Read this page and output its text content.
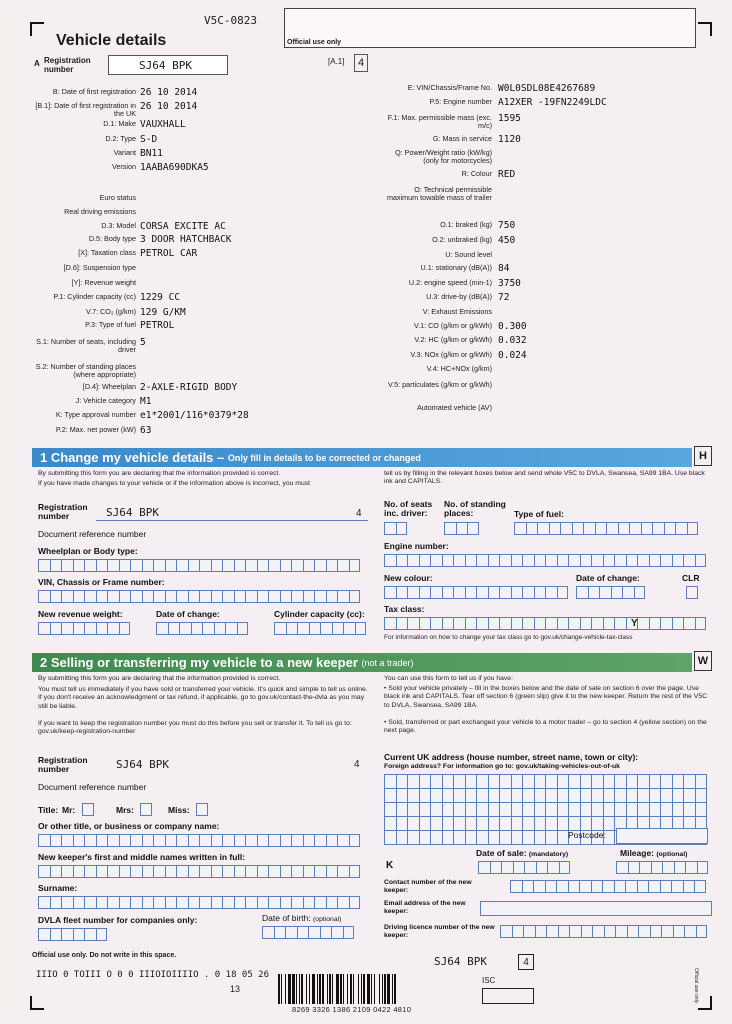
Vehicle details
V5C-0823
Official use only
A Registration number	SJ64 BPK	[A.1]	4
B: Date of first registration 26 10 2014
[B.1]: Date of first registration in the UK
26 10 2014
D.1: Make VAUXHALL
D.2: Type S-D
Variant BN11
Version 1AABA690DKA5
Euro status
Real driving emissions
D.3: Model CORSA EXCITE AC
D.5: Body type 3 DOOR HATCHBACK
[X]: Taxation class PETROL CAR
[D.6]: Suspension type
[Y]: Revenue weight
P.1: Cylinder capacity (cc) 1229 CC
V.7: CO₂ (g/km) 129 G/KM
P.3: Type of fuel PETROL
S.1: Number of seats, including driver
5
S.2: Number of standing places (where appropriate)
[D.4]: Wheelplan 2-AXLE-RIGID BODY
J: Vehicle category M1
K: Type approval number e1*2001/116*0379*28
P.2: Max. net power (kW) 63
E: VIN/Chassis/Frame No. W0L0SDL08E4267689
P.5: Engine number A12XER -19FN2249LDC
F.1: Max. permissible mass (exc. m/c)
1595
G: Mass in service 1120
Q: Power/Weight ratio (kW/kg) (only for motorcycles)
R: Colour RED
O: Technical permissible maximum towable mass of trailer
O.1: braked (kg) 750
O.2: unbraked (kg) 450
U: Sound level
U.1: stationary (dB(A)) 84
U.2: engine speed (min-1) 3750
U.3: drive-by (dB(A)) 72
V: Exhaust Emissions
V.1: CO (g/km or g/kWh) 0.300
V.2: HC (g/km or g/kWh) 0.032
V.3: NOx (g/km or g/kWh) 0.024
V.4: HC+NOx (g/km)
V.5: particulates (g/km or g/kWh)
Automated vehicle (AV)
1 Change my vehicle details –
Only fill in details to be corrected or changed	H
By submitting this form you are declaring that the information provided is correct.
If you have made changes to your vehicle or if the information above is incorrect, you must
tell us by filling in the relevant boxes below and send whole V5C to DVLA, Swansea, SA99 1BA. Use black ink and CAPITALS.
Registration number	SJ64 BPK	4
Document reference number
Wheelplan or Body type:
VIN, Chassis or Frame number:
New revenue weight:	Date of change:	Cylinder capacity (cc):
No. of seats inc. driver:
No. of standing places:	Type of fuel:
Engine number:
New colour:	Date of change:	CLR
Tax class:
Y
For information on how to change your tax class go to gov.uk/change-vehicle-tax-class
2 Selling or transferring my vehicle to a new keeper
(not a trader)	W
By submitting this form you are declaring that the information provided is correct.
You must tell us immediately if you have sold or transferred your vehicle. It's quick and simple to tell us online. If you don't receive an acknowledgment or tax refund, if applicable, go to gov.uk/contact-the-dvla as you may still be liable.
If you want to keep the registration number you must do this before you sell or transfer it. To tell us go to: gov.uk/keep-registration-number
You can use this form to tell us if you have:
• Sold your vehicle privately – fill in the boxes below and the date of sale on section 6 over the page. Use black ink and CAPITALS. Tear off section 6 (green slip) give it to the new keeper. Return the rest of the V5C to DVLA, Swansea, SA99 1BA.
• Sold, transferred or part exchanged your vehicle to a motor trader – go to section 4 (yellow section) on the next page.
Registration number	SJ64 BPK	4
Document reference number
Title: Mr:	Mrs:	Miss:
Or other title, or business or company name:
New keeper's first and middle names written in full:
Surname:
DVLA fleet number for companies only:	Date of birth: (optional)
Current UK address (house number, street name, town or city):
Foreign address? For information go to: gov.uk/taking-vehicles-out-of-uk
Postcode:
Date of sale: (mandatory)	Mileage: (optional)
K
Contact number of the new keeper:
Email address of the new keeper:
Driving licence number of the new keeper:
Official use only. Do not write in this space.
IIIO 0 TOIII O 0 0 IIIOIOIIIIO . 0 18 05 26
13
SJ64 BPK	4
8269 3326 1386 2109 0422 4810
ISC	Official use only
